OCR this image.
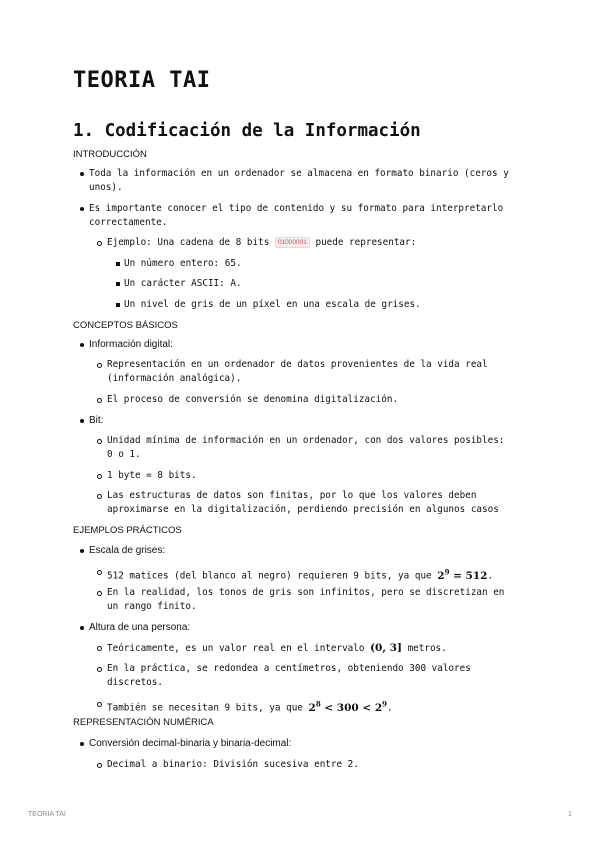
TEORIA TAI
1. Codificación de la Información

INTRODUCCIÓN

Toda la información en un ordenador se almacena en formato binario (ceros y

unos).

Es importante conocer el tipo de contenido y su formato para interpretarlo

correctamente.

Ejemplo: Una cadena de 8 bits 01000001 puede representar:

Un número entero: 65.

Un carácter ASCII: A.

Un nivel de gris de un píxel en una escala de grises.

CONCEPTOS BÁSICOS

Información digital:

Representación en un ordenador de datos provenientes de la vida real

(información analógica).

El proceso de conversión se denomina digitalización.

Bit:

Unidad mínima de información en un ordenador, con dos valores posibles:

0 o 1.

1 byte = 8 bits.

Las estructuras de datos son finitas, por lo que los valores deben

aproximarse en la digitalización, perdiendo precisión en algunos casos

EJEMPLOS PRÁCTICOS

Escala de grises:

512 matices (del blanco al negro) requieren 9 bits, ya que $2^9 = 512$.

En la realidad, los tonos de gris son infinitos, pero se discretizan en

un rango finito.

Altura de una persona:

Teóricamente, es un valor real en el intervalo (0, 3] metros.

En la práctica, se redondea a centímetros, obteniendo 300 valores

discretos.

También se necesitan 9 bits, ya que $2^8 < 300 < 2^9$.

REPRESENTACIÓN NUMÉRICA

Conversión decimal-binaria y binaria-decimal:

Decimal a binario: División sucesiva entre 2.

TEORIA TAI	1
